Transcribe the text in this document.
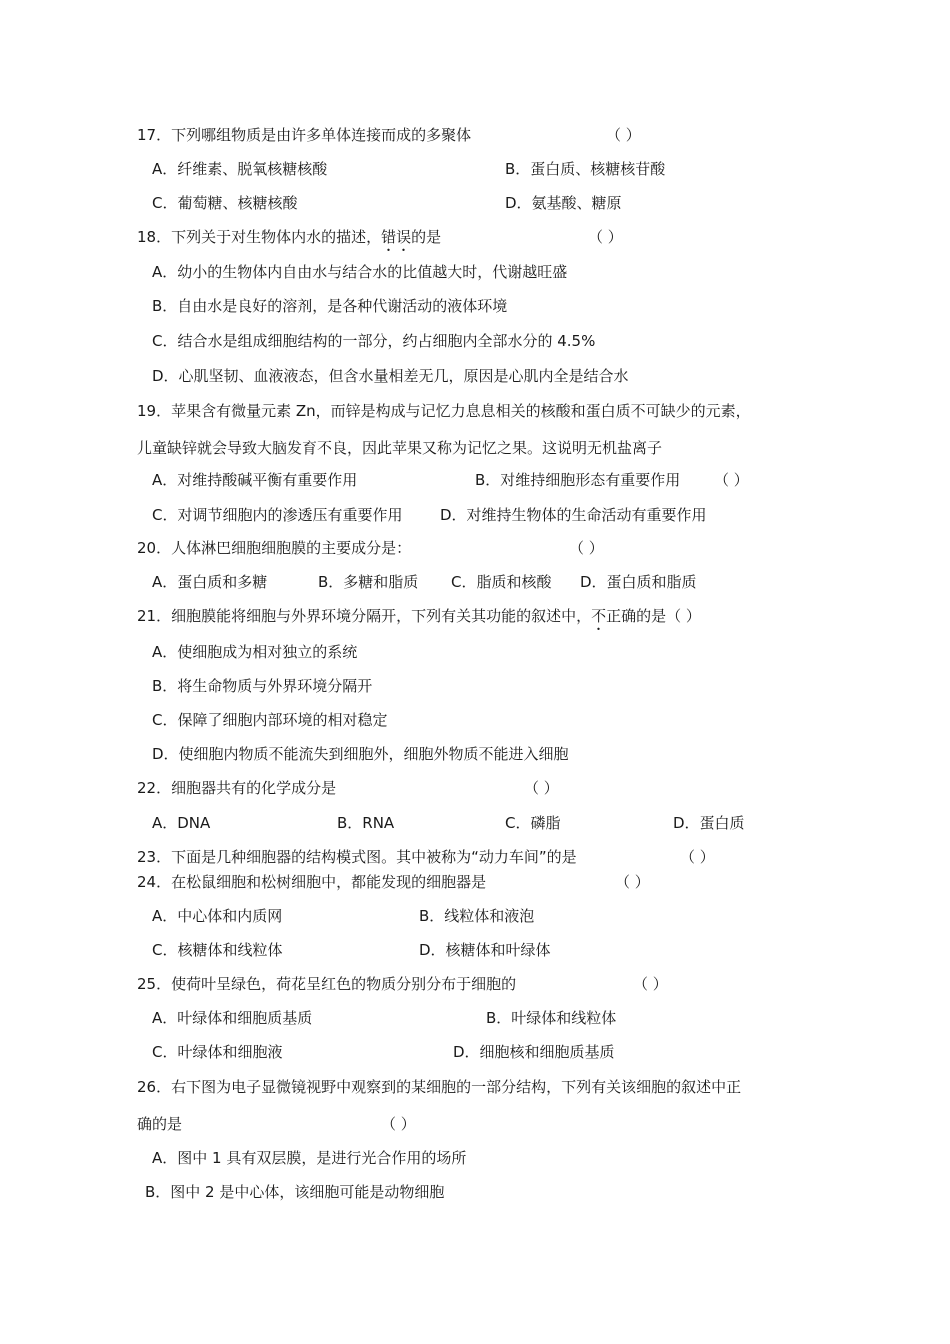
17．下列哪组物质是由许多单体连接而成的多聚体	（ ）
A．纤维素、脱氧核糖核酸	B．蛋白质、核糖核苷酸
C．葡萄糖、核糖核酸	D．氨基酸、糖原
18．下列关于对生物体内水的描述，错误的是	（ ）
A．幼小的生物体内自由水与结合水的比值越大时，代谢越旺盛
B．自由水是良好的溶剂，是各种代谢活动的液体环境
C．结合水是组成细胞结构的一部分，约占细胞内全部水分的 4.5%
D．心肌坚韧、血液液态，但含水量相差无几，原因是心肌内全是结合水
19．苹果含有微量元素 Zn，而锌是构成与记忆力息息相关的核酸和蛋白质不可缺少的元素，
儿童缺锌就会导致大脑发育不良，因此苹果又称为记忆之果。这说明无机盐离子
A．对维持酸碱平衡有重要作用	B．对维持细胞形态有重要作用 （ ）
C．对调节细胞内的渗透压有重要作用	D．对维持生物体的生命活动有重要作用
20．人体淋巴细胞细胞膜的主要成分是：	（ ）
A．蛋白质和多糖	B．多糖和脂质 C．脂质和核酸 D．蛋白质和脂质
21．细胞膜能将细胞与外界环境分隔开，下列有关其功能的叙述中，不正确的是（ ）
A．使细胞成为相对独立的系统
B．将生命物质与外界环境分隔开
C．保障了细胞内部环境的相对稳定
D．使细胞内物质不能流失到细胞外，细胞外物质不能进入细胞
22．细胞器共有的化学成分是	（ ）
A．DNA	B．RNA	C．磷脂	D．蛋白质
23．下面是几种细胞器的结构模式图。其中被称为“动力车间”的是	（ ）
24．在松鼠细胞和松树细胞中，都能发现的细胞器是	（ ）
A．中心体和内质网	B．线粒体和液泡
C．核糖体和线粒体	D．核糖体和叶绿体
25．使荷叶呈绿色，荷花呈红色的物质分别分布于细胞的	（ ）
A．叶绿体和细胞质基质	B．叶绿体和线粒体
C．叶绿体和细胞液	D．细胞核和细胞质基质
26．右下图为电子显微镜视野中观察到的某细胞的一部分结构，下列有关该细胞的叙述中正
确的是	（ ）
A．图中 1 具有双层膜，是进行光合作用的场所
B．图中 2 是中心体，该细胞可能是动物细胞
